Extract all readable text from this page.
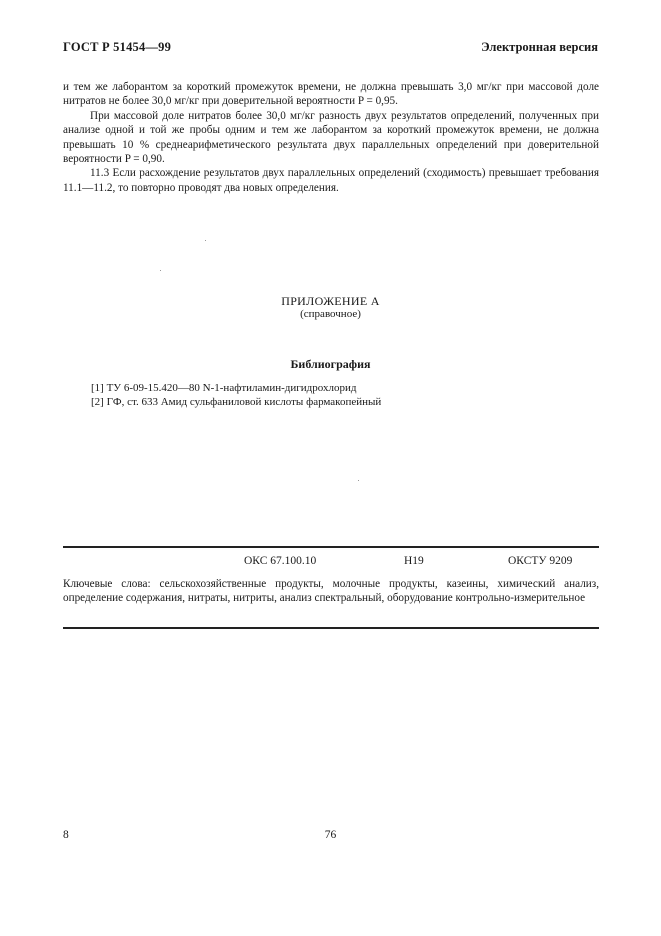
ГОСТ Р 51454—99	Электронная версия

и тем же лаборантом за короткий промежуток времени, не должна превышать 3,0 мг/кг при массовой доле нитратов не более 30,0 мг/кг при доверительной вероятности P = 0,95.

При массовой доле нитратов более 30,0 мг/кг разность двух результатов определений, полученных при анализе одной и той же пробы одним и тем же лаборантом за короткий промежуток времени, не должна превышать 10 % среднеарифметического результата двух параллельных определений при доверительной вероятности P = 0,90.

11.3 Если расхождение результатов двух параллельных определений (сходимость) превышает требования 11.1—11.2, то повторно проводят два новых определения.

ПРИЛОЖЕНИЕ А
(справочное)
Библиография
[1] ТУ 6-09-15.420—80 N-1-нафтиламин-дигидрохлорид
[2] ГФ, ст. 633 Амид сульфаниловой кислоты фармакопейный
ОКС 67.100.10	Н19	ОКСТУ 9209
Ключевые слова: сельскохозяйственные продукты, молочные продукты, казеины, химический анализ, определение содержания, нитраты, нитриты, анализ спектральный, оборудование контрольно-измерительное
8	76
